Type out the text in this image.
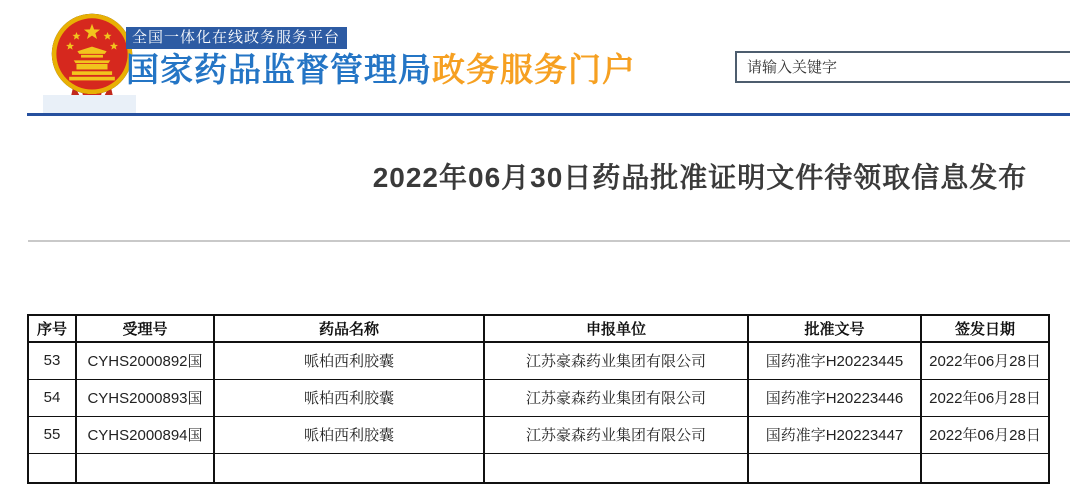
全国一体化在线政务服务平台
国家药品监督管理局政务服务门户
请输入关键字
2022年06月30日药品批准证明文件待领取信息发布
序号	受理号	药品名称	申报单位	批准文号	签发日期
53	CYHS2000892国	哌柏西利胶囊	江苏豪森药业集团有限公司	国药准字H20223445	2022年06月28日
54	CYHS2000893国	哌柏西利胶囊	江苏豪森药业集团有限公司	国药准字H20223446	2022年06月28日
55	CYHS2000894国	哌柏西利胶囊	江苏豪森药业集团有限公司	国药准字H20223447	2022年06月28日
